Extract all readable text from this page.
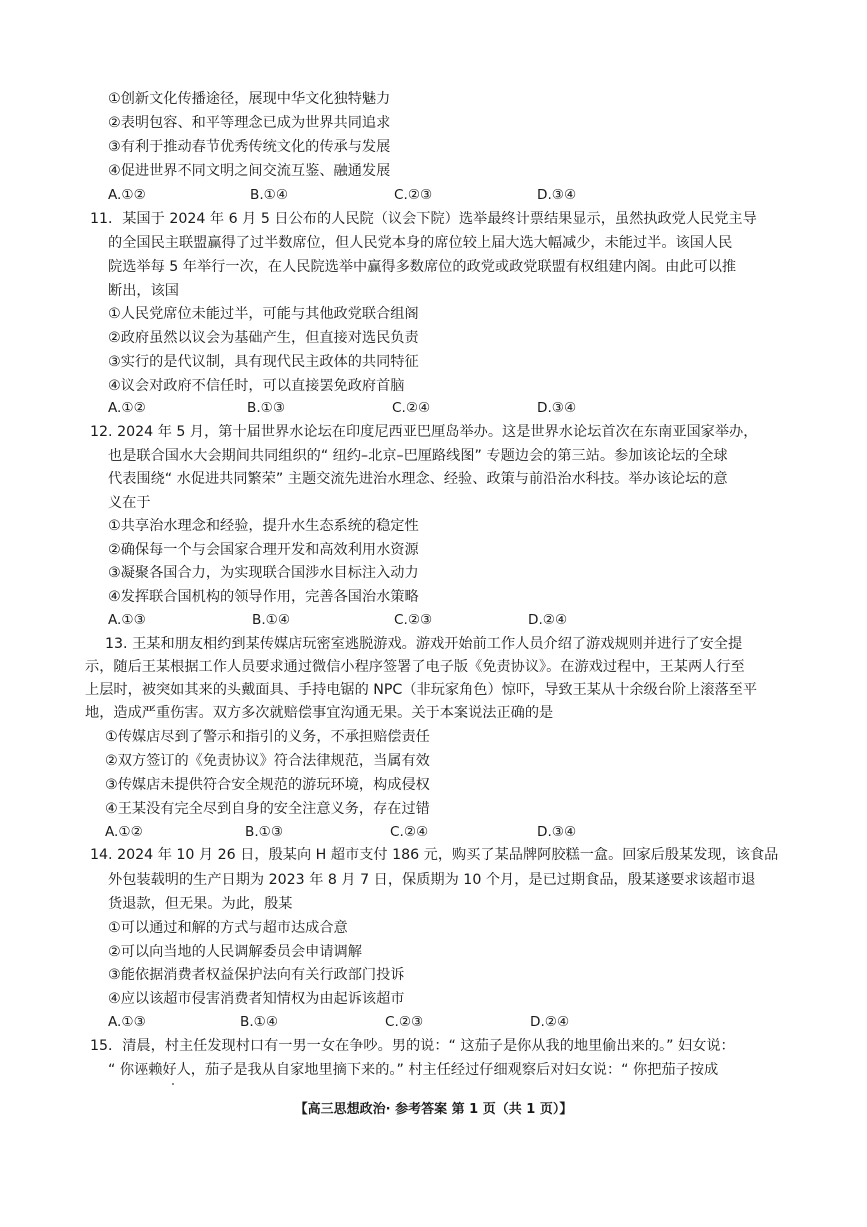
①创新文化传播途径，展现中华文化独特魅力
②表明包容、和平等理念已成为世界共同追求
③有利于推动春节优秀传统文化的传承与发展
④促进世界不同文明之间交流互鉴、融通发展
A.①②	B.①④	C.②③	D.③④
11．某国于 2024 年 6 月 5 日公布的人民院（议会下院）选举最终计票结果显示，虽然执政党人民党主导
的全国民主联盟赢得了过半数席位，但人民党本身的席位较上届大选大幅减少，未能过半。该国人民
院选举每 5 年举行一次，在人民院选举中赢得多数席位的政党或政党联盟有权组建内阁。由此可以推
断出，该国
①人民党席位未能过半，可能与其他政党联合组阁
②政府虽然以议会为基础产生，但直接对选民负责
③实行的是代议制，具有现代民主政体的共同特征
④议会对政府不信任时，可以直接罢免政府首脑
A.①②	B.①③	C.②④	D.③④
12. 2024 年 5 月，第十届世界水论坛在印度尼西亚巴厘岛举办。这是世界水论坛首次在东南亚国家举办，
也是联合国水大会期间共同组织的“ 纽约–北京–巴厘路线图” 专题边会的第三站。参加该论坛的全球
代表围绕“ 水促进共同繁荣” 主题交流先进治水理念、经验、政策与前沿治水科技。举办该论坛的意
义在于
①共享治水理念和经验，提升水生态系统的稳定性
②确保每一个与会国家合理开发和高效利用水资源
③凝聚各国合力，为实现联合国涉水目标注入动力
④发挥联合国机构的领导作用，完善各国治水策略
A.①③	B.①④	C.②③	D.②④
13. 王某和朋友相约到某传媒店玩密室逃脱游戏。游戏开始前工作人员介绍了游戏规则并进行了安全提
示，随后王某根据工作人员要求通过微信小程序签署了电子版《免责协议》。在游戏过程中，王某两人行至
上层时，被突如其来的头戴面具、手持电锯的 NPC（非玩家角色）惊吓，导致王某从十余级台阶上滚落至平
地，造成严重伤害。双方多次就赔偿事宜沟通无果。关于本案说法正确的是
①传媒店尽到了警示和指引的义务，不承担赔偿责任
②双方签订的《免责协议》符合法律规范，当属有效
③传媒店未提供符合安全规范的游玩环境，构成侵权
④王某没有完全尽到自身的安全注意义务，存在过错
A.①②	B.①③	C.②④	D.③④
14. 2024 年 10 月 26 日，殷某向 H 超市支付 186 元，购买了某品牌阿胶糕一盒。回家后殷某发现，该食品
外包装载明的生产日期为 2023 年 8 月 7 日，保质期为 10 个月，是已过期食品，殷某遂要求该超市退
货退款，但无果。为此，殷某
①可以通过和解的方式与超市达成合意
②可以向当地的人民调解委员会申请调解
③能依据消费者权益保护法向有关行政部门投诉
④应以该超市侵害消费者知情权为由起诉该超市
A.①③	B.①④	C.②③	D.②④
15．清晨，村主任发现村口有一男一女在争吵。男的说：“ 这茄子是你从我的地里偷出来的。” 妇女说：
“ 你诬赖好人，茄子是我从自家地里摘下来的。” 村主任经过仔细观察后对妇女说：“ 你把茄子按成
【高三思想政治· 参考答案 第 1 页（共 1 页）】
